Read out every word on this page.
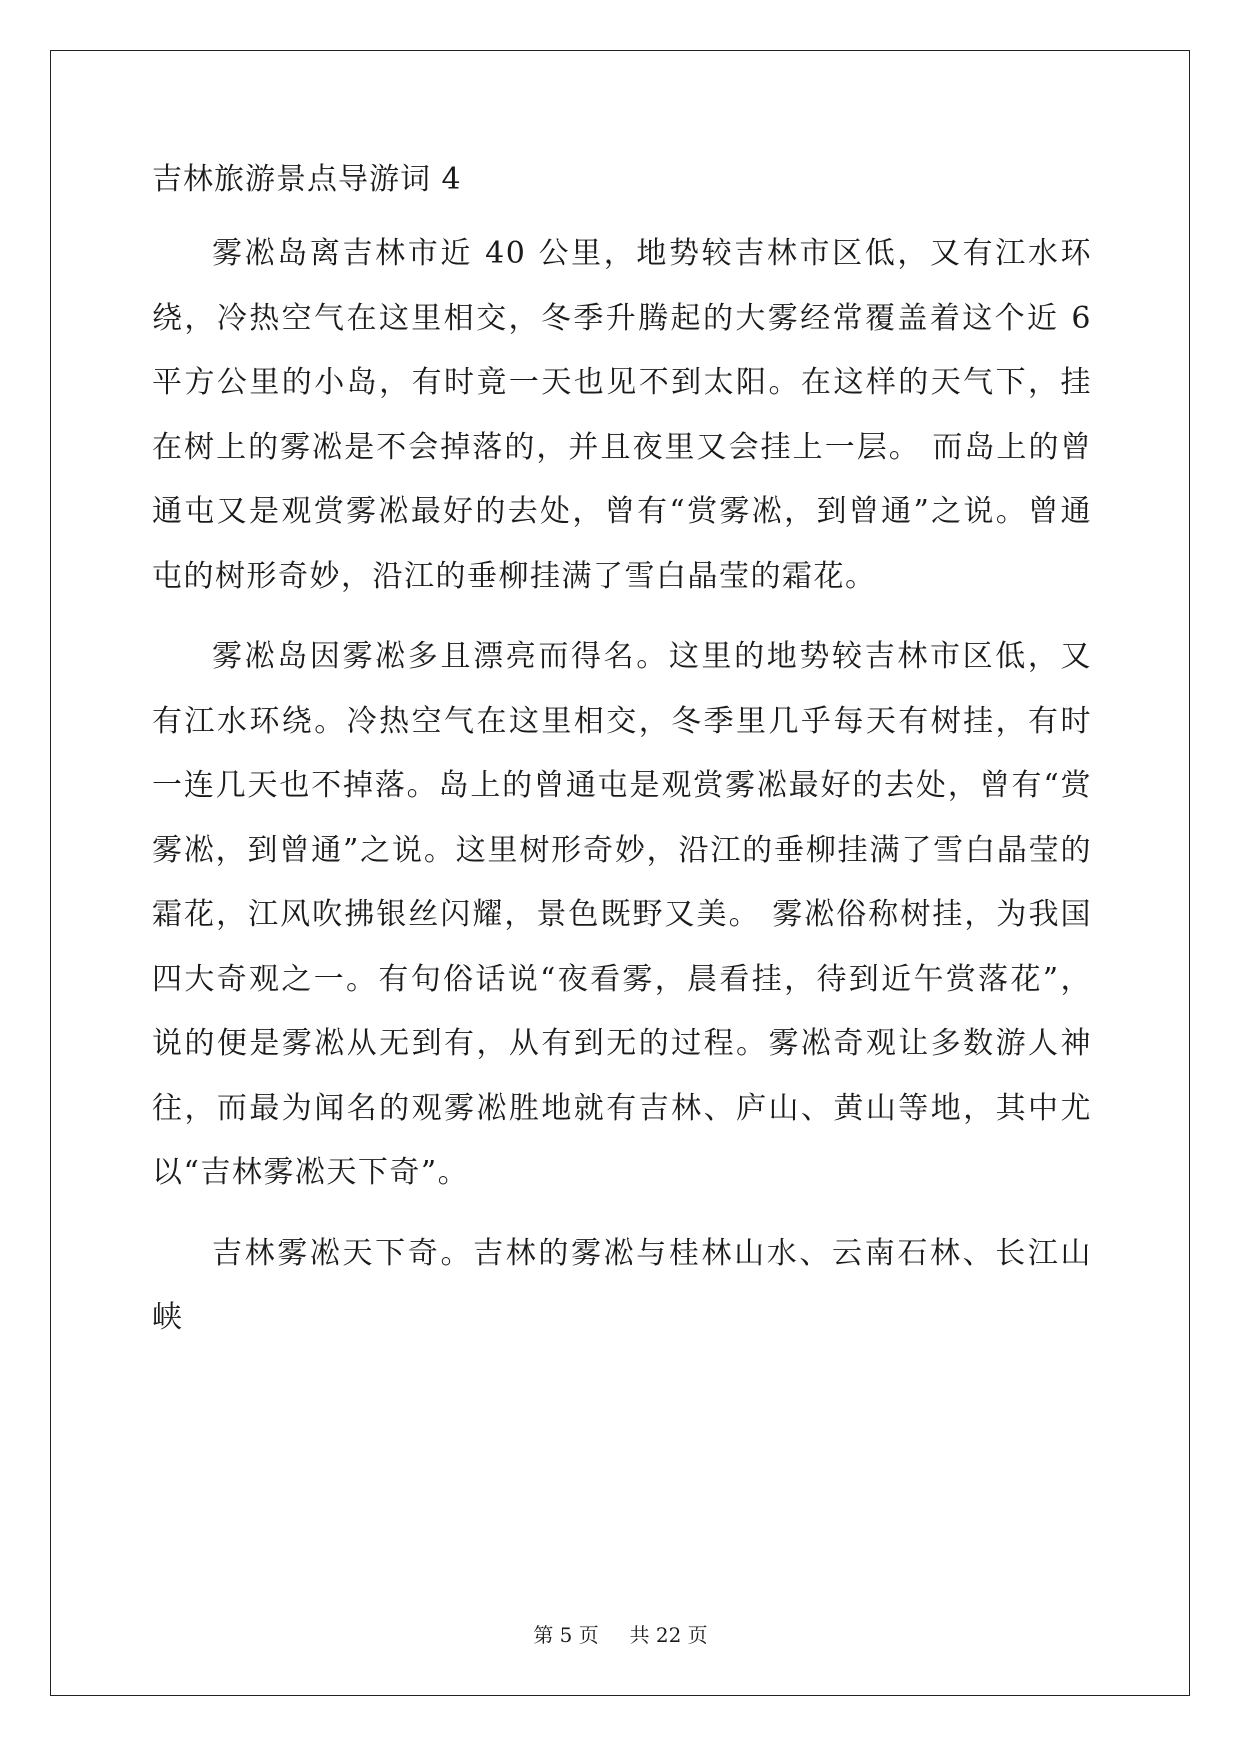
吉林旅游景点导游词 4

雾凇岛离吉林市近 40 公里，地势较吉林市区低，又有江水环绕，冷热空气在这里相交，冬季升腾起的大雾经常覆盖着这个近 6 平方公里的小岛，有时竟一天也见不到太阳。在这样的天气下，挂在树上的雾凇是不会掉落的，并且夜里又会挂上一层。 而岛上的曾通屯又是观赏雾凇最好的去处，曾有“赏雾凇，到曾通”之说。曾通屯的树形奇妙，沿江的垂柳挂满了雪白晶莹的霜花。

雾凇岛因雾凇多且漂亮而得名。这里的地势较吉林市区低，又有江水环绕。冷热空气在这里相交，冬季里几乎每天有树挂，有时一连几天也不掉落。岛上的曾通屯是观赏雾凇最好的去处，曾有“赏雾凇，到曾通”之说。这里树形奇妙，沿江的垂柳挂满了雪白晶莹的霜花，江风吹拂银丝闪耀，景色既野又美。 雾凇俗称树挂，为我国四大奇观之一。有句俗话说“夜看雾，晨看挂，待到近午赏落花”，说的便是雾凇从无到有，从有到无的过程。雾凇奇观让多数游人神往，而最为闻名的观雾凇胜地就有吉林、庐山、黄山等地，其中尤以“吉林雾凇天下奇”。

吉林雾凇天下奇。吉林的雾凇与桂林山水、云南石林、长江山峡

第 5 页 共 22 页
